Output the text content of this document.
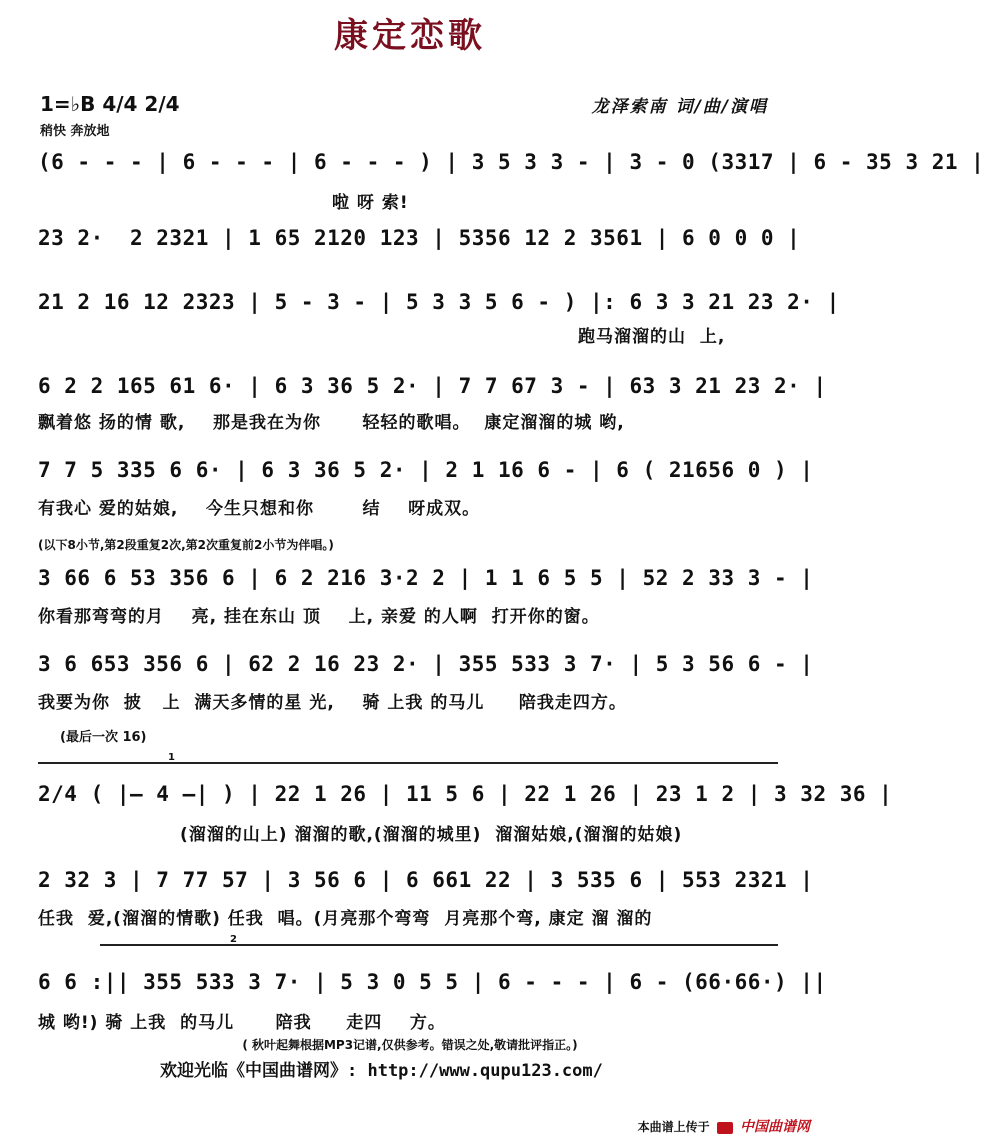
康定恋歌
1=♭B 4/4 2/4
稍快 奔放地
龙泽索南 词/曲/演唱
(6 - - - | 6 - - - | 6 - - - ) | 3 5 3 3 - | 3 - 0 (3317 | 6 - 35 3 21 |
啦 呀 索!
23 2·  2 2321 | 1 65 2120 123 | 5356 12 2 3561 | 6 0 0 0 |
21 2 16 12 2323 | 5 - 3 - | 5 3 3 5 6 - ) |: 6 3 3 21 23 2· |
跑马溜溜的山  上,
6 2 2 165 61 6· | 6 3 36 5 2· | 7 7 67 3 - | 63 3 21 23 2· |
飘着悠 扬的情 歌,    那是我在为你      轻轻的歌唱。  康定溜溜的城 哟,
7 7 5 335 6 6· | 6 3 36 5 2· | 2 1 16 6 - | 6 ( 21656 0 ) |
有我心 爱的姑娘,    今生只想和你       结    呀成双。
(以下8小节,第2段重复2次,第2次重复前2小节为伴唱。)
3 66 6 53 356 6 | 6 2 216 3·2 2 | 1 1 6 5 5 | 52 2 33 3 - |
你看那弯弯的月    亮, 挂在东山 顶    上, 亲爱 的人啊  打开你的窗。
3 6 653 356 6 | 62 2 16 23 2· | 355 533 3 7· | 5 3 56 6 - |
我要为你  披   上  满天多情的星 光,    骑 上我 的马儿     陪我走四方。
(最后一次 16)
1
2/4 ( |— 4 —| ) | 22 1 26 | 11 5 6 | 22 1 26 | 23 1 2 | 3 32 36 |
(溜溜的山上) 溜溜的歌,(溜溜的城里)  溜溜姑娘,(溜溜的姑娘)
2 32 3 | 7 77 57 | 3 56 6 | 6 661 22 | 3 535 6 | 553 2321 |
任我  爱,(溜溜的情歌) 任我  唱。(月亮那个弯弯  月亮那个弯, 康定 溜 溜的
2
6 6 :|| 355 533 3 7· | 5 3 0 5 5 | 6 - - - | 6 - (66·66·) ||
城 哟!) 骑 上我  的马儿      陪我     走四    方。
( 秋叶起舞根据MP3记谱,仅供参考。错误之处,敬请批评指正。)
欢迎光临《中国曲谱网》: http://www.qupu123.com/
本曲谱上传于 中国曲谱网
